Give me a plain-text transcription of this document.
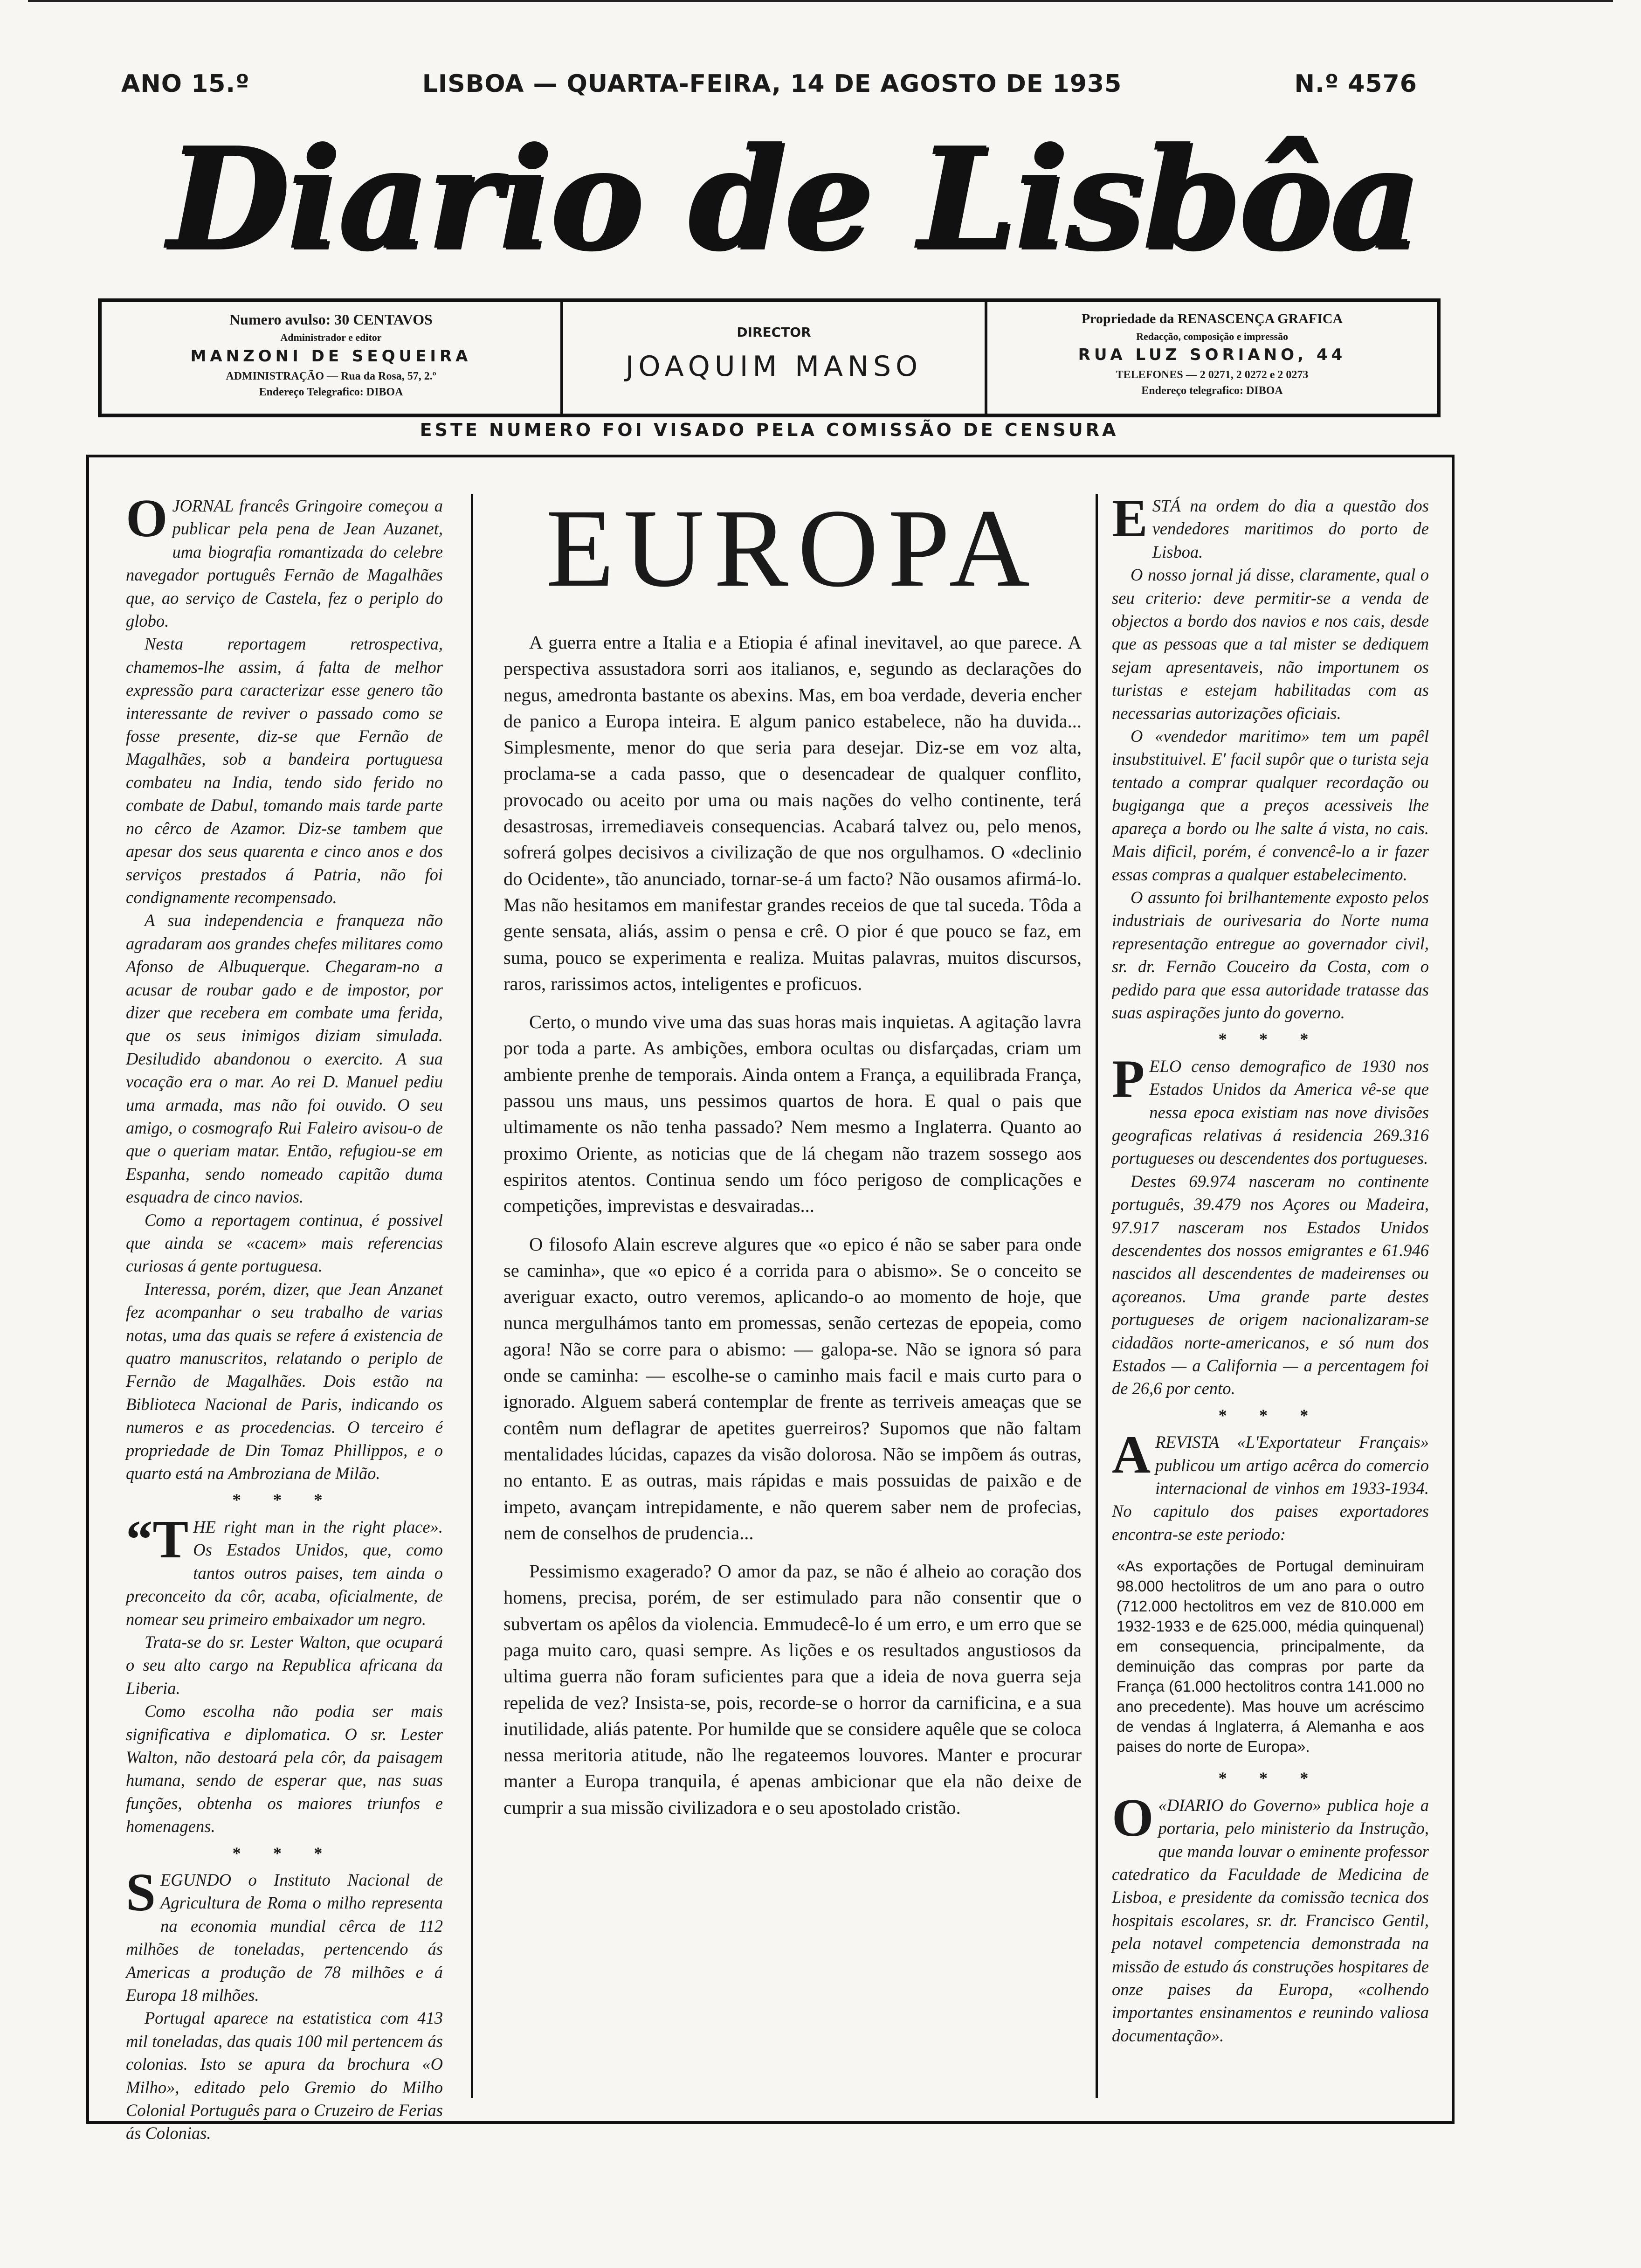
ANO 15.º	LISBOA — QUARTA-FEIRA, 14 DE AGOSTO DE 1935	N.º 4576
Diario de Lisbôa
Numero avulso: 30 CENTAVOS
Administrador e editor
MANZONI DE SEQUEIRA
ADMINISTRAÇÃO — Rua da Rosa, 57, 2.º
Endereço Telegrafico: DIBOA
DIRECTOR
JOAQUIM MANSO
Propriedade da RENASCENÇA GRAFICA
Redacção, composição e impressão
RUA LUZ SORIANO, 44
TELEFONES — 2 0271, 2 0272 e 2 0273
Endereço telegrafico: DIBOA
ESTE NUMERO FOI VISADO PELA COMISSÃO DE CENSURA

OJORNAL francês Gringoire começou a publicar pela pena de Jean Auzanet, uma biografia romantizada do celebre navegador português Fernão de Magalhães que, ao serviço de Castela, fez o periplo do globo.

Nesta reportagem retrospectiva, chamemos-lhe assim, á falta de melhor expressão para caracterizar esse genero tão interessante de reviver o passado como se fosse presente, diz-se que Fernão de Magalhães, sob a bandeira portuguesa combateu na India, tendo sido ferido no combate de Dabul, tomando mais tarde parte no cêrco de Azamor. Diz-se tambem que apesar dos seus quarenta e cinco anos e dos serviços prestados á Patria, não foi condignamente recompensado.

A sua independencia e franqueza não agradaram aos grandes chefes militares como Afonso de Albuquerque. Chegaram-no a acusar de roubar gado e de impostor, por dizer que recebera em combate uma ferida, que os seus inimigos diziam simulada. Desiludido abandonou o exercito. A sua vocação era o mar. Ao rei D. Manuel pediu uma armada, mas não foi ouvido. O seu amigo, o cosmografo Rui Faleiro avisou-o de que o queriam matar. Então, refugiou-se em Espanha, sendo nomeado capitão duma esquadra de cinco navios.

Como a reportagem continua, é possivel que ainda se «cacem» mais referencias curiosas á gente portuguesa.

Interessa, porém, dizer, que Jean Anzanet fez acompanhar o seu trabalho de varias notas, uma das quais se refere á existencia de quatro manuscritos, relatando o periplo de Fernão de Magalhães. Dois estão na Biblioteca Nacional de Paris, indicando os numeros e as procedencias. O terceiro é propriedade de Din Tomaz Phillippos, e o quarto está na Ambroziana de Milão.

* * *

“THE right man in the right place». Os Estados Unidos, que, como tantos outros paises, tem ainda o preconceito da côr, acaba, oficialmente, de nomear seu primeiro embaixador um negro.

Trata-se do sr. Lester Walton, que ocupará o seu alto cargo na Republica africana da Liberia.

Como escolha não podia ser mais significativa e diplomatica. O sr. Lester Walton, não destoará pela côr, da paisagem humana, sendo de esperar que, nas suas funções, obtenha os maiores triunfos e homenagens.

* * *

SEGUNDO o Instituto Nacional de Agricultura de Roma o milho representa na economia mundial cêrca de 112 milhões de toneladas, pertencendo ás Americas a produção de 78 milhões e á Europa 18 milhões.

Portugal aparece na estatistica com 413 mil toneladas, das quais 100 mil pertencem ás colonias. Isto se apura da brochura «O Milho», editado pelo Gremio do Milho Colonial Português para o Cruzeiro de Ferias ás Colonias.

EUROPA

A guerra entre a Italia e a Etiopia é afinal inevitavel, ao que parece. A perspectiva assustadora sorri aos italianos, e, segundo as declarações do negus, amedronta bastante os abexins. Mas, em boa verdade, deveria encher de panico a Europa inteira. E algum panico estabelece, não ha duvida... Simplesmente, menor do que seria para desejar. Diz-se em voz alta, proclama-se a cada passo, que o desencadear de qualquer conflito, provocado ou aceito por uma ou mais nações do velho continente, terá desastrosas, irremediaveis consequencias. Acabará talvez ou, pelo menos, sofrerá golpes decisivos a civilização de que nos orgulhamos. O «declinio do Ocidente», tão anunciado, tornar-se-á um facto? Não ousamos afirmá-lo. Mas não hesitamos em manifestar grandes receios de que tal suceda. Tôda a gente sensata, aliás, assim o pensa e crê. O pior é que pouco se faz, em suma, pouco se experimenta e realiza. Muitas palavras, muitos discursos, raros, rarissimos actos, inteligentes e proficuos.

Certo, o mundo vive uma das suas horas mais inquietas. A agitação lavra por toda a parte. As ambições, embora ocultas ou disfarçadas, criam um ambiente prenhe de temporais. Ainda ontem a França, a equilibrada França, passou uns maus, uns pessimos quartos de hora. E qual o pais que ultimamente os não tenha passado? Nem mesmo a Inglaterra. Quanto ao proximo Oriente, as noticias que de lá chegam não trazem sossego aos espiritos atentos. Continua sendo um fóco perigoso de complicações e competições, imprevistas e desvairadas...

O filosofo Alain escreve algures que «o epico é não se saber para onde se caminha», que «o epico é a corrida para o abismo». Se o conceito se averiguar exacto, outro veremos, aplicando-o ao momento de hoje, que nunca mergulhámos tanto em promessas, senão certezas de epopeia, como agora! Não se corre para o abismo: — galopa-se. Não se ignora só para onde se caminha: — escolhe-se o caminho mais facil e mais curto para o ignorado. Alguem saberá contemplar de frente as terriveis ameaças que se contêm num deflagrar de apetites guerreiros? Supomos que não faltam mentalidades lúcidas, capazes da visão dolorosa. Não se impõem ás outras, no entanto. E as outras, mais rápidas e mais possuidas de paixão e de impeto, avançam intrepidamente, e não querem saber nem de profecias, nem de conselhos de prudencia...

Pessimismo exagerado? O amor da paz, se não é alheio ao coração dos homens, precisa, porém, de ser estimulado para não consentir que o subvertam os apêlos da violencia. Emmudecê-lo é um erro, e um erro que se paga muito caro, quasi sempre. As lições e os resultados angustiosos da ultima guerra não foram suficientes para que a ideia de nova guerra seja repelida de vez? Insista-se, pois, recorde-se o horror da carnificina, e a sua inutilidade, aliás patente. Por humilde que se considere aquêle que se coloca nessa meritoria atitude, não lhe regateemos louvores. Manter e procurar manter a Europa tranquila, é apenas ambicionar que ela não deixe de cumprir a sua missão civilizadora e o seu apostolado cristão.

ESTÁ na ordem do dia a questão dos vendedores maritimos do porto de Lisboa.

O nosso jornal já disse, claramente, qual o seu criterio: deve permitir-se a venda de objectos a bordo dos navios e nos cais, desde que as pessoas que a tal mister se dediquem sejam apresentaveis, não importunem os turistas e estejam habilitadas com as necessarias autorizações oficiais.

O «vendedor maritimo» tem um papêl insubstituivel. E' facil supôr que o turista seja tentado a comprar qualquer recordação ou bugiganga que a preços acessiveis lhe apareça a bordo ou lhe salte á vista, no cais. Mais dificil, porém, é convencê-lo a ir fazer essas compras a qualquer estabelecimento.

O assunto foi brilhantemente exposto pelos industriais de ourivesaria do Norte numa representação entregue ao governador civil, sr. dr. Fernão Couceiro da Costa, com o pedido para que essa autoridade tratasse das suas aspirações junto do governo.

* * *

PELO censo demografico de 1930 nos Estados Unidos da America vê-se que nessa epoca existiam nas nove divisões geograficas relativas á residencia 269.316 portugueses ou descendentes dos portugueses.

Destes 69.974 nasceram no continente português, 39.479 nos Açores ou Madeira, 97.917 nasceram nos Estados Unidos descendentes dos nossos emigrantes e 61.946 nascidos all descendentes de madeirenses ou açoreanos. Uma grande parte destes portugueses de origem nacionalizaram-se cidadãos norte-americanos, e só num dos Estados — a California — a percentagem foi de 26,6 por cento.

* * *

AREVISTA «L'Exportateur Français» publicou um artigo acêrca do comercio internacional de vinhos em 1933-1934. No capitulo dos paises exportadores encontra-se este periodo:

«As exportações de Portugal deminuiram 98.000 hectolitros de um ano para o outro (712.000 hectolitros em vez de 810.000 em 1932-1933 e de 625.000, média quinquenal) em consequencia, principalmente, da deminuição das compras por parte da França (61.000 hectolitros contra 141.000 no ano precedente). Mas houve um acréscimo de vendas á Inglaterra, á Alemanha e aos paises do norte de Europa».
* * *

O «DIARIO do Governo» publica hoje a portaria, pelo ministerio da Instrução, que manda louvar o eminente professor catedratico da Faculdade de Medicina de Lisboa, e presidente da comissão tecnica dos hospitais escolares, sr. dr. Francisco Gentil, pela notavel competencia demonstrada na missão de estudo ás construções hospitares de onze paises da Europa, «colhendo importantes ensinamentos e reunindo valiosa documentação».
